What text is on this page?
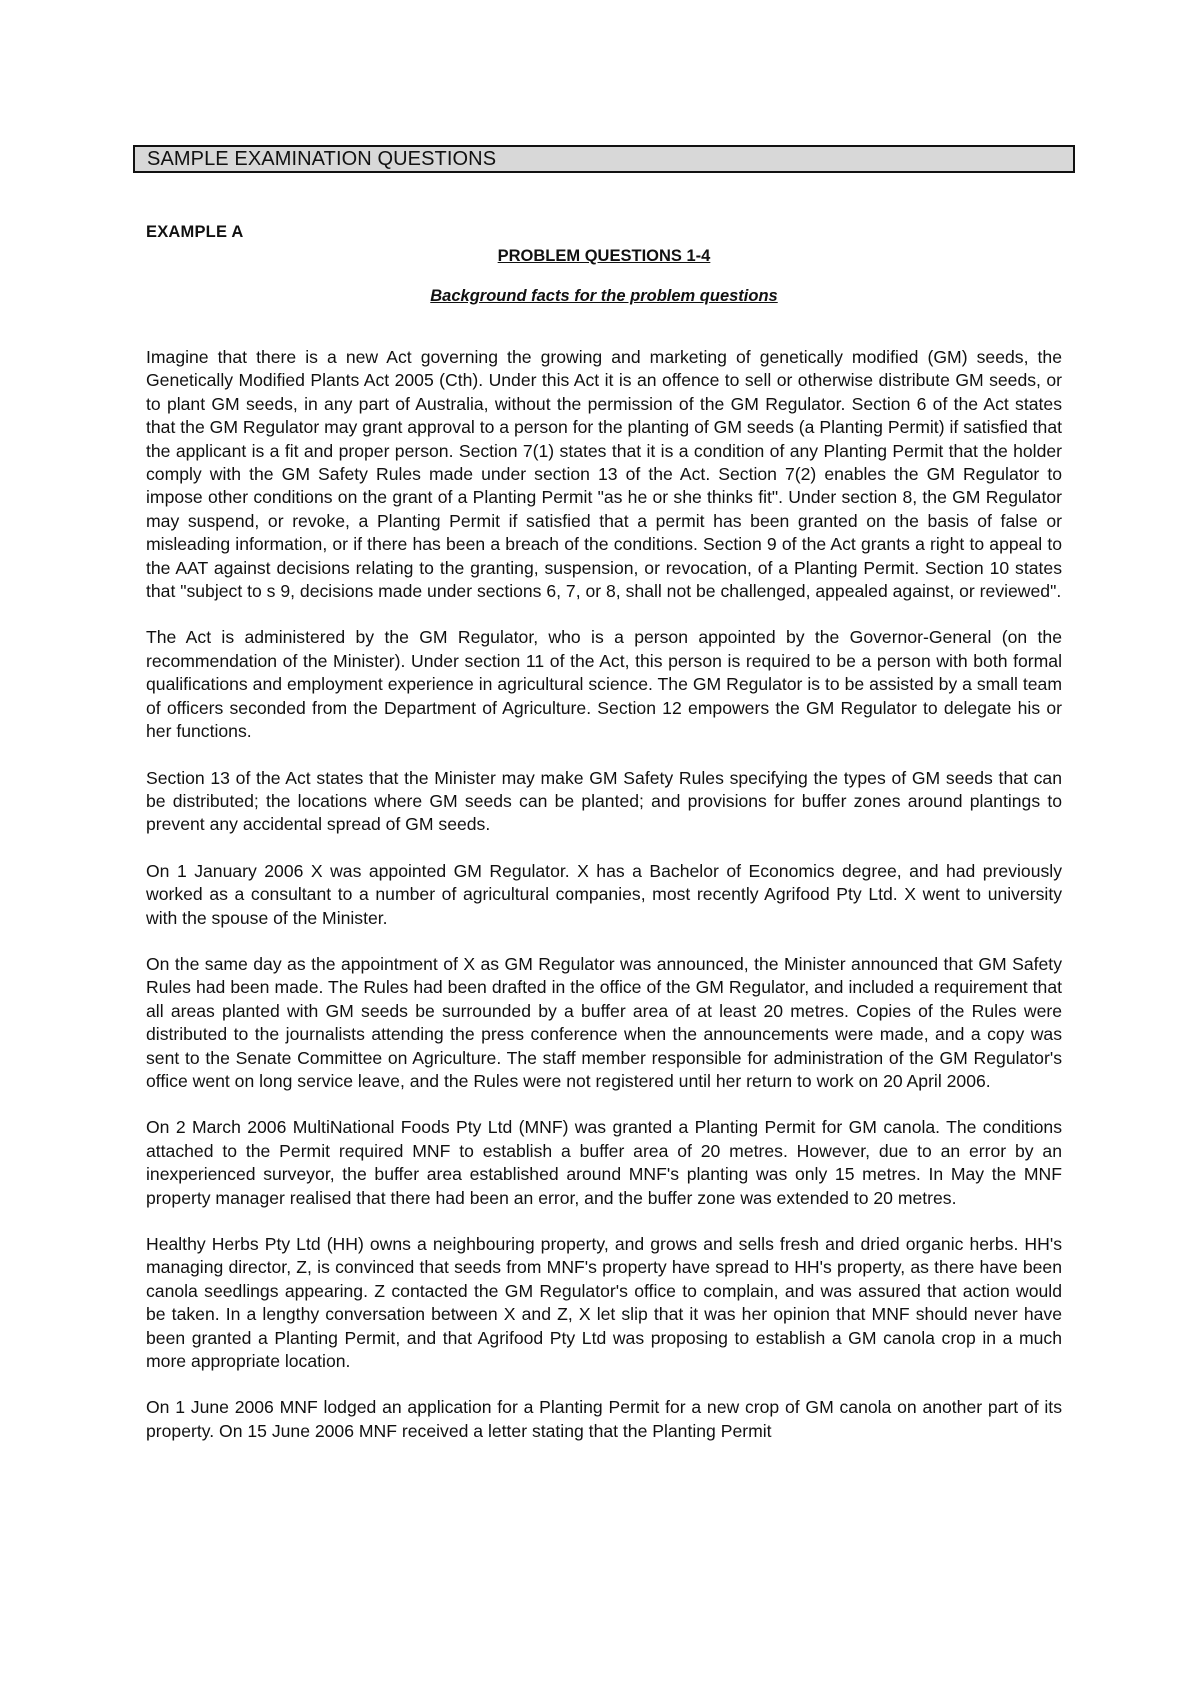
SAMPLE EXAMINATION QUESTIONS
EXAMPLE A
PROBLEM QUESTIONS 1-4
Background facts for the problem questions

Imagine that there is a new Act governing the growing and marketing of genetically modified (GM) seeds, the Genetically Modified Plants Act 2005 (Cth). Under this Act it is an offence to sell or otherwise distribute GM seeds, or to plant GM seeds, in any part of Australia, without the permission of the GM Regulator. Section 6 of the Act states that the GM Regulator may grant approval to a person for the planting of GM seeds (a Planting Permit) if satisfied that the applicant is a fit and proper person. Section 7(1) states that it is a condition of any Planting Permit that the holder comply with the GM Safety Rules made under section 13 of the Act. Section 7(2) enables the GM Regulator to impose other conditions on the grant of a Planting Permit "as he or she thinks fit". Under section 8, the GM Regulator may suspend, or revoke, a Planting Permit if satisfied that a permit has been granted on the basis of false or misleading information, or if there has been a breach of the conditions. Section 9 of the Act grants a right to appeal to the AAT against decisions relating to the granting, suspension, or revocation, of a Planting Permit. Section 10 states that "subject to s 9, decisions made under sections 6, 7, or 8, shall not be challenged, appealed against, or reviewed".

The Act is administered by the GM Regulator, who is a person appointed by the Governor-General (on the recommendation of the Minister). Under section 11 of the Act, this person is required to be a person with both formal qualifications and employment experience in agricultural science. The GM Regulator is to be assisted by a small team of officers seconded from the Department of Agriculture. Section 12 empowers the GM Regulator to delegate his or her functions.

Section 13 of the Act states that the Minister may make GM Safety Rules specifying the types of GM seeds that can be distributed; the locations where GM seeds can be planted; and provisions for buffer zones around plantings to prevent any accidental spread of GM seeds.

On 1 January 2006 X was appointed GM Regulator. X has a Bachelor of Economics degree, and had previously worked as a consultant to a number of agricultural companies, most recently Agrifood Pty Ltd. X went to university with the spouse of the Minister.

On the same day as the appointment of X as GM Regulator was announced, the Minister announced that GM Safety Rules had been made. The Rules had been drafted in the office of the GM Regulator, and included a requirement that all areas planted with GM seeds be surrounded by a buffer area of at least 20 metres. Copies of the Rules were distributed to the journalists attending the press conference when the announcements were made, and a copy was sent to the Senate Committee on Agriculture. The staff member responsible for administration of the GM Regulator's office went on long service leave, and the Rules were not registered until her return to work on 20 April 2006.

On 2 March 2006 MultiNational Foods Pty Ltd (MNF) was granted a Planting Permit for GM canola. The conditions attached to the Permit required MNF to establish a buffer area of 20 metres. However, due to an error by an inexperienced surveyor, the buffer area established around MNF's planting was only 15 metres. In May the MNF property manager realised that there had been an error, and the buffer zone was extended to 20 metres.

Healthy Herbs Pty Ltd (HH) owns a neighbouring property, and grows and sells fresh and dried organic herbs. HH's managing director, Z, is convinced that seeds from MNF's property have spread to HH's property, as there have been canola seedlings appearing. Z contacted the GM Regulator's office to complain, and was assured that action would be taken. In a lengthy conversation between X and Z, X let slip that it was her opinion that MNF should never have been granted a Planting Permit, and that Agrifood Pty Ltd was proposing to establish a GM canola crop in a much more appropriate location.

On 1 June 2006 MNF lodged an application for a Planting Permit for a new crop of GM canola on another part of its property. On 15 June 2006 MNF received a letter stating that the Planting Permit
